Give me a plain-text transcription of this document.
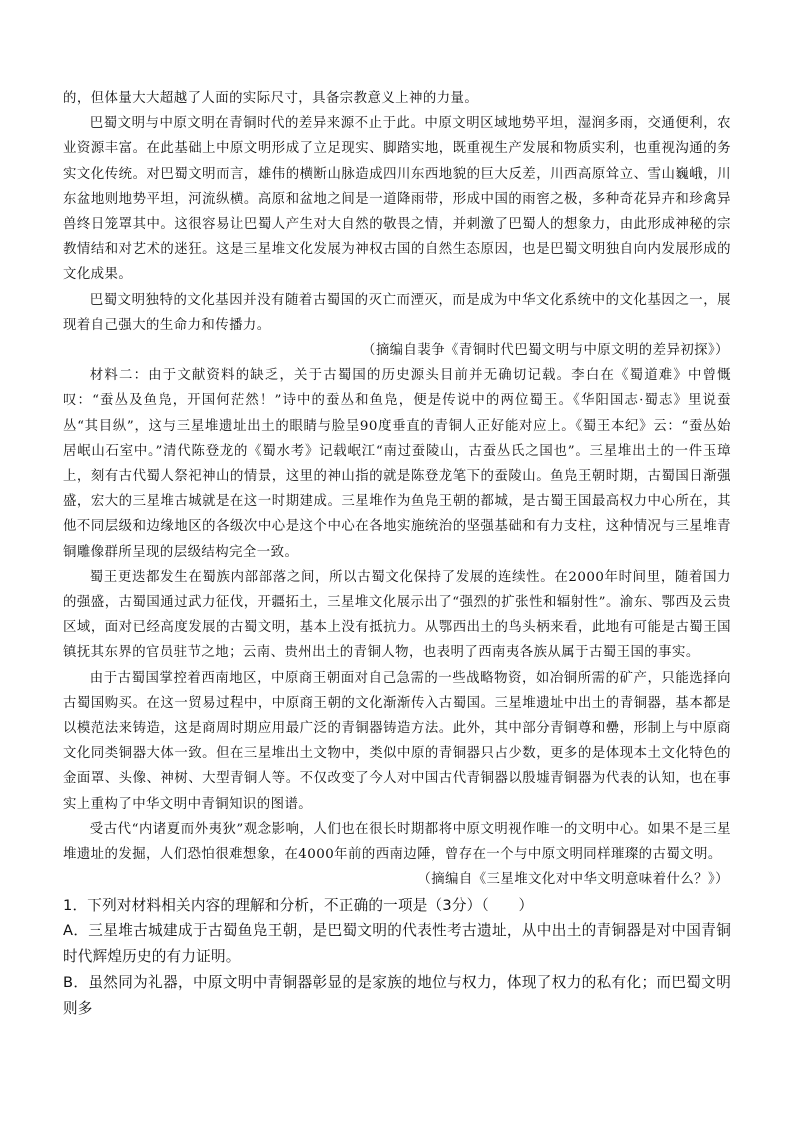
的，但体量大大超越了人面的实际尺寸，具备宗教意义上神的力量。

巴蜀文明与中原文明在青铜时代的差异来源不止于此。中原文明区域地势平坦，湿润多雨，交通便利，农业资源丰富。在此基础上中原文明形成了立足现实、脚踏实地，既重视生产发展和物质实利，也重视沟通的务实文化传统。对巴蜀文明而言，雄伟的横断山脉造成四川东西地貌的巨大反差，川西高原耸立、雪山巍峨，川东盆地则地势平坦，河流纵横。高原和盆地之间是一道降雨带，形成中国的雨窖之极，多种奇花异卉和珍禽异兽终日笼罩其中。这很容易让巴蜀人产生对大自然的敬畏之情，并刺激了巴蜀人的想象力，由此形成神秘的宗教情结和对艺术的迷狂。这是三星堆文化发展为神权古国的自然生态原因，也是巴蜀文明独自向内发展形成的文化成果。

巴蜀文明独特的文化基因并没有随着古蜀国的灭亡而湮灭，而是成为中华文化系统中的文化基因之一，展现着自己强大的生命力和传播力。

（摘编自裴争《青铜时代巴蜀文明与中原文明的差异初探》）

材料二：由于文献资料的缺乏，关于古蜀国的历史源头目前并无确切记载。李白在《蜀道难》中曾慨叹：“蚕丛及鱼凫，开国何茫然！”诗中的蚕丛和鱼凫，便是传说中的两位蜀王。《华阳国志·蜀志》里说蚕丛“其目纵”，这与三星堆遗址出土的眼睛与脸呈90度垂直的青铜人正好能对应上。《蜀王本纪》云：“蚕丛始居岷山石室中。”清代陈登龙的《蜀水考》记载岷江“南过蚕陵山，古蚕丛氏之国也”。三星堆出土的一件玉璋上，刻有古代蜀人祭祀神山的情景，这里的神山指的就是陈登龙笔下的蚕陵山。鱼凫王朝时期，古蜀国日渐强盛，宏大的三星堆古城就是在这一时期建成。三星堆作为鱼凫王朝的都城，是古蜀王国最高权力中心所在，其他不同层级和边缘地区的各级次中心是这个中心在各地实施统治的坚强基础和有力支柱，这种情况与三星堆青铜雕像群所呈现的层级结构完全一致。

蜀王更迭都发生在蜀族内部部落之间，所以古蜀文化保持了发展的连续性。在2000年时间里，随着国力的强盛，古蜀国通过武力征伐，开疆拓土，三星堆文化展示出了“强烈的扩张性和辐射性”。渝东、鄂西及云贵区域，面对已经高度发展的古蜀文明，基本上没有抵抗力。从鄂西出土的鸟头柄来看，此地有可能是古蜀王国镇抚其东界的官员驻节之地；云南、贵州出土的青铜人物，也表明了西南夷各族从属于古蜀王国的事实。

由于古蜀国掌控着西南地区，中原商王朝面对自己急需的一些战略物资，如冶铜所需的矿产，只能选择向古蜀国购买。在这一贸易过程中，中原商王朝的文化渐渐传入古蜀国。三星堆遗址中出土的青铜器，基本都是以模范法来铸造，这是商周时期应用最广泛的青铜器铸造方法。此外，其中部分青铜尊和罍，形制上与中原商文化同类铜器大体一致。但在三星堆出土文物中，类似中原的青铜器只占少数，更多的是体现本土文化特色的金面罩、头像、神树、大型青铜人等。不仅改变了今人对中国古代青铜器以殷墟青铜器为代表的认知，也在事实上重构了中华文明中青铜知识的图谱。

受古代“内诸夏而外夷狄”观念影响，人们也在很长时期都将中原文明视作唯一的文明中心。如果不是三星堆遗址的发掘，人们恐怕很难想象，在4000年前的西南边陲，曾存在一个与中原文明同样璀璨的古蜀文明。

（摘编自《三星堆文化对中华文明意味着什么？》）

1．下列对材料相关内容的理解和分析，不正确的一项是（3分）（　　）

A．三星堆古城建成于古蜀鱼凫王朝，是巴蜀文明的代表性考古遗址，从中出土的青铜器是对中国青铜时代辉煌历史的有力证明。

B．虽然同为礼器，中原文明中青铜器彰显的是家族的地位与权力，体现了权力的私有化；而巴蜀文明则多
